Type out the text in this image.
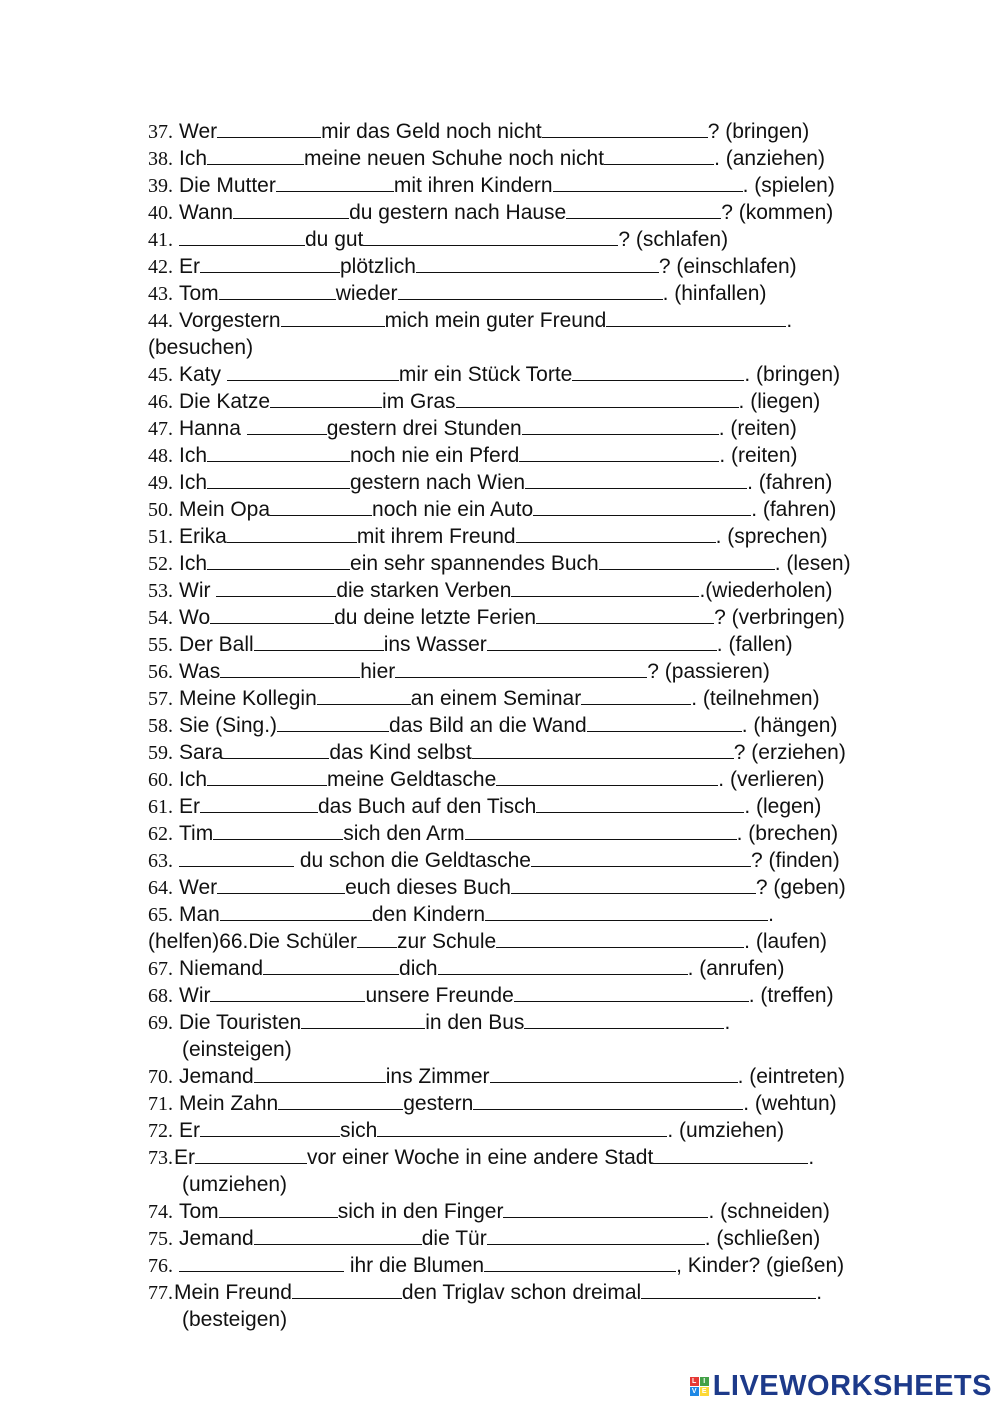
37. Wer	mir das Geld noch nicht	? (bringen)
38. Ich	meine neuen Schuhe noch nicht	. (anziehen)
39. Die Mutter	mit ihren Kindern	. (spielen)
40. Wann	du gestern nach Hause	? (kommen)
41.	du gut	? (schlafen)
42. Er	plötzlich	? (einschlafen)
43. Tom	wieder	. (hinfallen)
44. Vorgestern	mich mein guter Freund	.
(besuchen)
45. Katy	mir ein Stück Torte	. (bringen)
46. Die Katze	im Gras	. (liegen)
47. Hanna	gestern drei Stunden	. (reiten)
48. Ich	noch nie ein Pferd	. (reiten)
49. Ich	gestern nach Wien	. (fahren)
50. Mein Opa	noch nie ein Auto	. (fahren)
51. Erika	mit ihrem Freund	. (sprechen)
52. Ich	ein sehr spannendes Buch	. (lesen)
53. Wir	die starken Verben	.(wiederholen)
54. Wo	du deine letzte Ferien	? (verbringen)
55. Der Ball	ins Wasser	. (fallen)
56. Was	hier	? (passieren)
57. Meine Kollegin	an einem Seminar	. (teilnehmen)
58. Sie (Sing.)	das Bild an die Wand	. (hängen)
59. Sara	das Kind selbst	? (erziehen)
60. Ich	meine Geldtasche	. (verlieren)
61. Er	das Buch auf den Tisch	. (legen)
62. Tim	sich den Arm	. (brechen)
63.	du schon die Geldtasche	? (finden)
64. Wer	euch dieses Buch	? (geben)
65. Man	den Kindern	.
(helfen)66.Die Schüler zur Schule	. (laufen)
67. Niemand	dich	. (anrufen)
68. Wir	unsere Freunde	. (treffen)
69. Die Touristen	in den Bus	.
(einsteigen)
70. Jemand	ins Zimmer	. (eintreten)
71. Mein Zahn	gestern	. (wehtun)
72. Er	sich	. (umziehen)
73. Er	vor einer Woche in eine andere Stadt	.
(umziehen)
74. Tom	sich in den Finger	. (schneiden)
75. Jemand	die Tür	. (schließen)
76.	ihr die Blumen	, Kinder? (gießen)
77. Mein Freund	den Triglav schon dreimal	.
(besteigen)
L I
V E LIVEWORKSHEETS
